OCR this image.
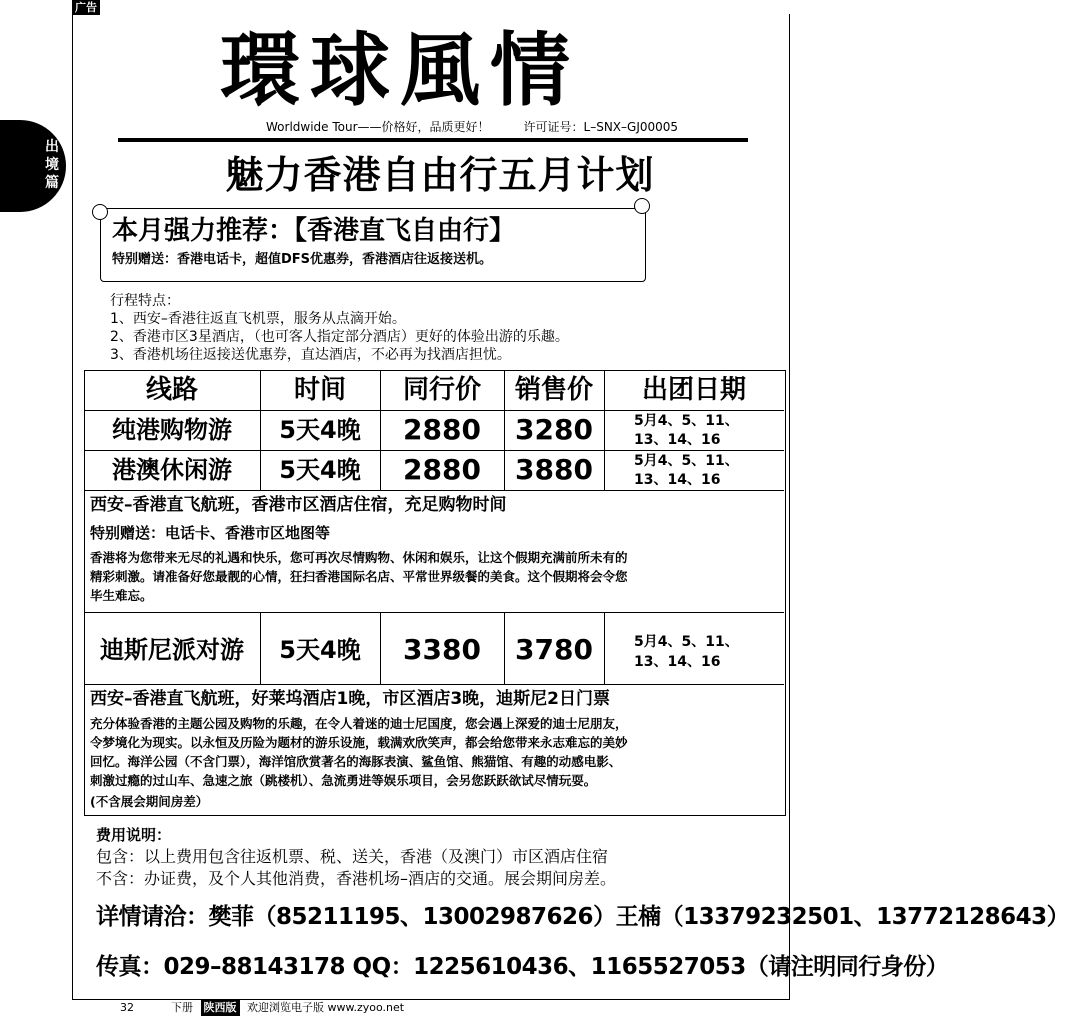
广告
出境篇
環球風情
Worldwide Tour——价格好，品质更好！	许可证号：L–SNX–GJ00005
魅力香港自由行五月计划
本月强力推荐：【香港直飞自由行】
特别赠送：香港电话卡，超值DFS优惠券，香港酒店往返接送机。
行程特点：
1、西安–香港往返直飞机票，服务从点滴开始。
2、香港市区3星酒店，（也可客人指定部分酒店）更好的体验出游的乐趣。
3、香港机场往返接送优惠券，直达酒店，不必再为找酒店担忧。
线路	时间	同行价	销售价	出团日期
纯港购物游	5天4晚	2880	3280	5月4、5、11、
13、14、16
港澳休闲游	5天4晚	2880	3880	5月4、5、11、
13、14、16
西安–香港直飞航班，香港市区酒店住宿，充足购物时间
特别赠送：电话卡、香港市区地图等
香港将为您带来无尽的礼遇和快乐，您可再次尽情购物、休闲和娱乐，让这个假期充满前所未有的
精彩刺激。请准备好您最靓的心情，狂扫香港国际名店、平常世界级餐的美食。这个假期将会令您
毕生难忘。
迪斯尼派对游	5天4晚	3380	3780	5月4、5、11、
13、14、16
西安–香港直飞航班，好莱坞酒店1晚，市区酒店3晚，迪斯尼2日门票
充分体验香港的主题公园及购物的乐趣，在令人着迷的迪士尼国度，您会遇上深爱的迪士尼朋友，
令梦境化为现实。以永恒及历险为题材的游乐设施，载满欢欣笑声，都会给您带来永志难忘的美妙
回忆。海洋公园（不含门票），海洋馆欣赏著名的海豚表演、鲨鱼馆、熊猫馆、有趣的动感电影、
刺激过瘾的过山车、急速之旅（跳楼机）、急流勇进等娱乐项目，会另您跃跃欲试尽情玩耍。
(不含展会期间房差）
费用说明：
包含：以上费用包含往返机票、税、送关，香港（及澳门）市区酒店住宿
不含：办证费，及个人其他消费，香港机场–酒店的交通。展会期间房差。
详情请洽：樊菲（85211195、13002987626）王楠（13379232501、13772128643）
传真：029–88143178 QQ：1225610436、1165527053（请注明同行身份）
32	下册 陕西版 欢迎浏览电子版 www.zyoo.net
